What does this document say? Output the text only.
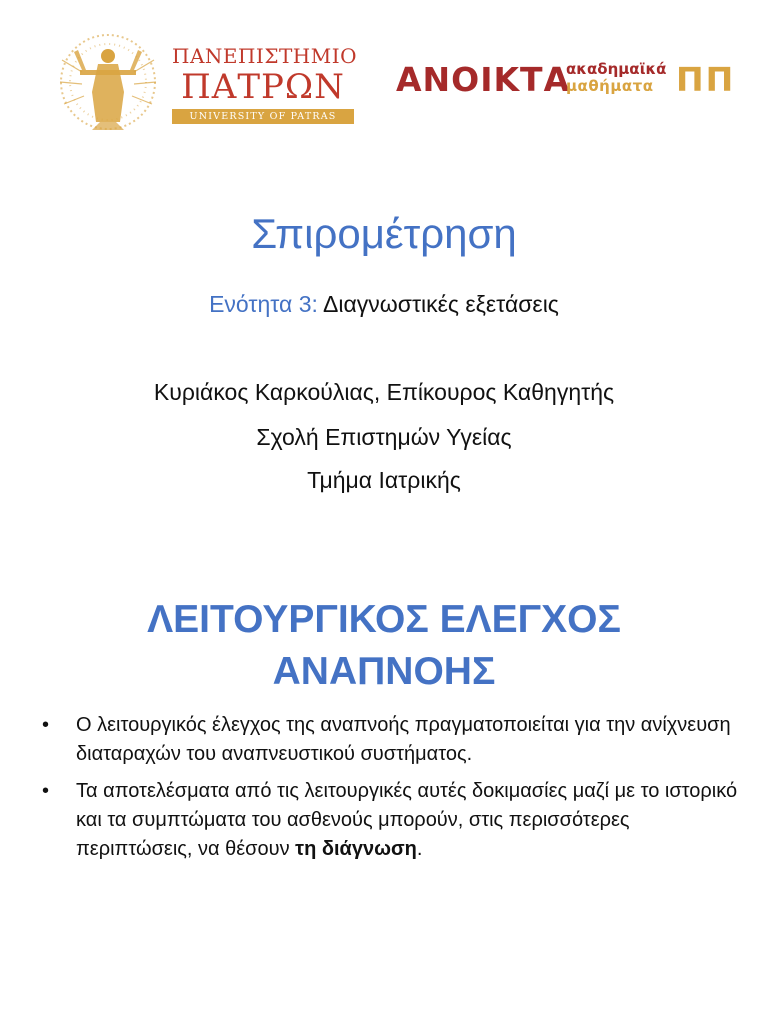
ΠΑΝΕΠΙΣΤΗΜΙΟ
ΠΑΤΡΩΝ
UNIVERSITY OF PATRAS
ΑΝΟΙΚΤΑ
ακαδημαϊκά
μαθήματα ΠΠ
Σπιρομέτρηση
Ενότητα 3: Διαγνωστικές εξετάσεις
Κυριάκος Καρκούλιας, Επίκουρος Καθηγητής
Σχολή Επιστημών Υγείας
Τμήμα Ιατρικής
ΛΕΙΤΟΥΡΓΙΚΟΣ ΕΛΕΓΧΟΣ
ΑΝΑΠΝΟΗΣ
• Ο λειτουργικός έλεγχος της αναπνοής πραγματοποιείται για την ανίχνευση διαταραχών του αναπνευστικού συστήματος.
• Τα αποτελέσματα από τις λειτουργικές αυτές δοκιμασίες μαζί με το ιστορικό και τα συμπτώματα του ασθενούς μπορούν, στις περισσότερες περιπτώσεις, να θέσουν τη διάγνωση.
